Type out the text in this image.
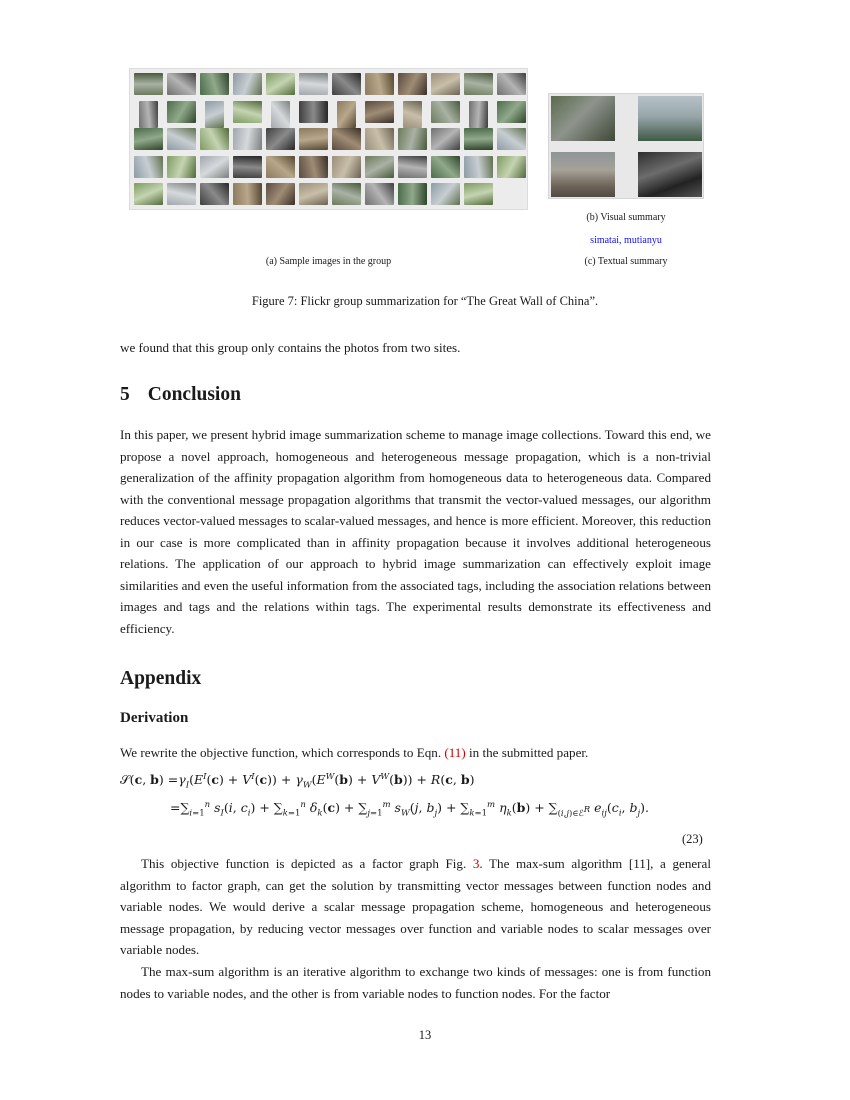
(b) Visual summary
simatai, mutianyu
(a) Sample images in the group	(c) Textual summary
Figure 7: Flickr group summarization for “The Great Wall of China”.
we found that this group only contains the photos from two sites.
5 Conclusion
In this paper, we present hybrid image summarization scheme to manage image collections. Toward this end, we propose a novel approach, homogeneous and heterogeneous message propagation, which is a non-trivial generalization of the affinity propagation algorithm from homogeneous data to heterogeneous data. Compared with the conventional message propagation algorithms that transmit the vector-valued messages, our algorithm reduces vector-valued messages to scalar-valued messages, and hence is more efficient. Moreover, this reduction in our case is more complicated than in affinity propagation because it involves additional heterogeneous relations. The application of our approach to hybrid image summarization can effectively exploit image similarities and even the useful information from the associated tags, including the association relations between images and tags and the relations within tags. The experimental results demonstrate its effectiveness and efficiency.
Appendix
Derivation
We rewrite the objective function, which corresponds to Eqn. (11) in the submitted paper.
𝒮(c, $b) =\gamma_I(E^I(c) + V^I(c)) + \gamma_W(E^W(b) + V^W(b)) + R(c$, b)
$=\sum_{i=1}^n$ $s_I(i$, $c_i) + \sum_{k=1}^n$ $\delta_k(c) + \sum_{j=1}^m$ $s_W(j$, $b_j) + \sum_{k=1}^m$ $\eta_k(b) + \sum_{(i,j)\in ℰ^R}$ $e_{ij}(c_i$, $b_j$).
(23)
This objective function is depicted as a factor graph Fig. 3. The max-sum algorithm [11], a general algorithm to factor graph, can get the solution by transmitting vector messages between function nodes and variable nodes. We would derive a scalar message propagation scheme, homogeneous and heterogeneous message propagation, by reducing vector messages over function and variable nodes to scalar messages over variable nodes.
The max-sum algorithm is an iterative algorithm to exchange two kinds of messages: one is from function nodes to variable nodes, and the other is from variable nodes to function nodes. For the factor
13
